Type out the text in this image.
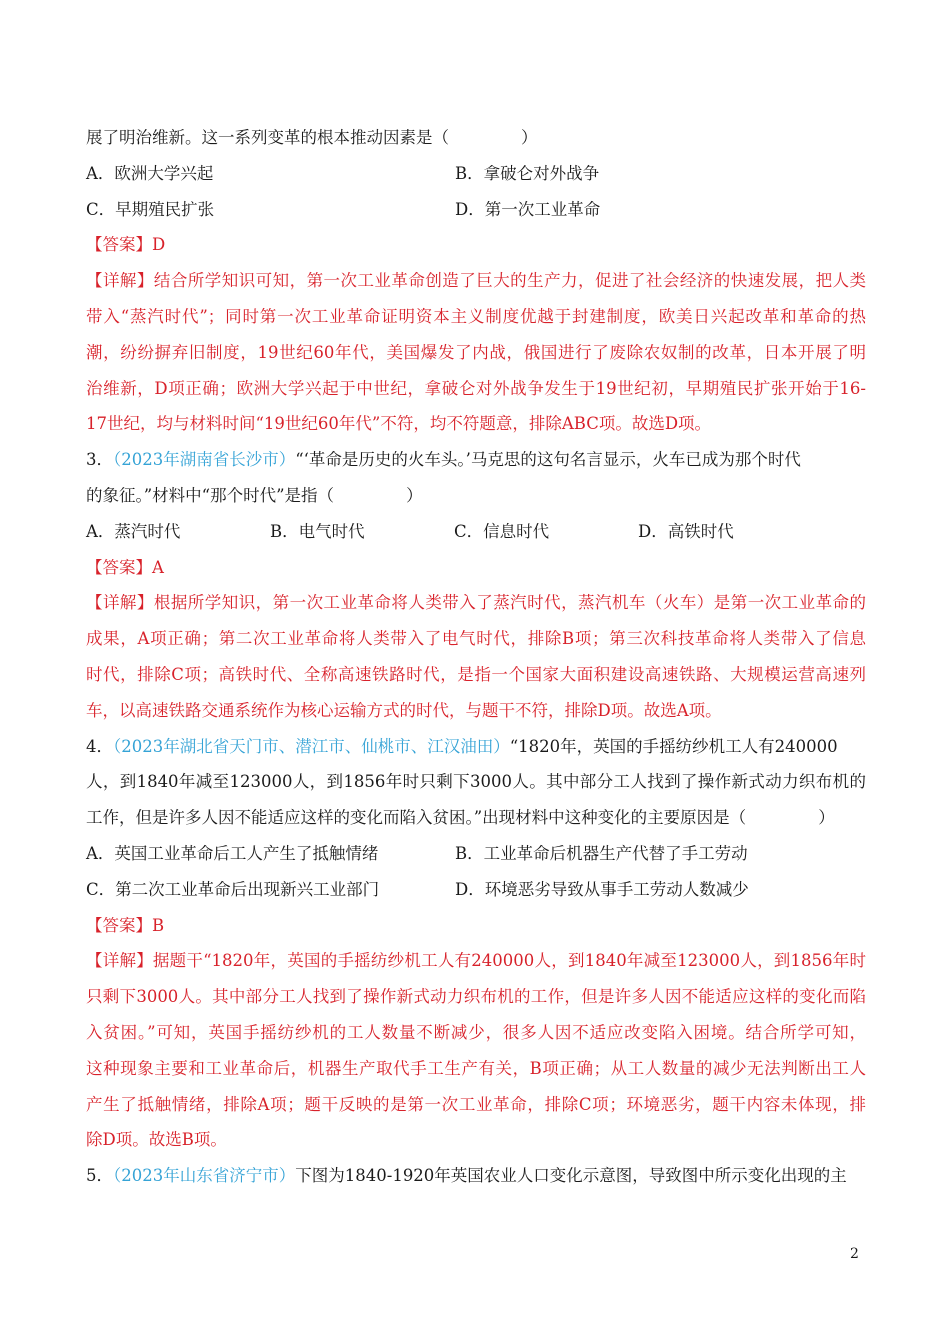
展了明治维新。这一系列变革的根本推动因素是（	）
A．欧洲大学兴起	B．拿破仑对外战争
C．早期殖民扩张	D．第一次工业革命
【答案】D
【详解】结合所学知识可知，第一次工业革命创造了巨大的生产力，促进了社会经济的快速发展，把人类
带入“蒸汽时代”；同时第一次工业革命证明资本主义制度优越于封建制度，欧美日兴起改革和革命的热
潮，纷纷摒弃旧制度，19世纪60年代，美国爆发了内战，俄国进行了废除农奴制的改革，日本开展了明
治维新，D项正确；欧洲大学兴起于中世纪，拿破仑对外战争发生于19世纪初，早期殖民扩张开始于16-
17世纪，均与材料时间“19世纪60年代”不符，均不符题意，排除ABC项。故选D项。
3．（2023年湖南省长沙市）“‘革命是历史的火车头。’马克思的这句名言显示，火车已成为那个时代
的象征。”材料中“那个时代”是指（	）
A．蒸汽时代	B．电气时代	C．信息时代	D．高铁时代
【答案】A
【详解】根据所学知识，第一次工业革命将人类带入了蒸汽时代，蒸汽机车（火车）是第一次工业革命的
成果，A项正确；第二次工业革命将人类带入了电气时代，排除B项；第三次科技革命将人类带入了信息
时代，排除C项；高铁时代、全称高速铁路时代，是指一个国家大面积建设高速铁路、大规模运营高速列
车，以高速铁路交通系统作为核心运输方式的时代，与题干不符，排除D项。故选A项。
4．（2023年湖北省天门市、潜江市、仙桃市、江汉油田）“1820年，英国的手摇纺纱机工人有240000
人，到1840年减至123000人，到1856年时只剩下3000人。其中部分工人找到了操作新式动力织布机的
工作，但是许多人因不能适应这样的变化而陷入贫困。”出现材料中这种变化的主要原因是（	）
A．英国工业革命后工人产生了抵触情绪	B．工业革命后机器生产代替了手工劳动
C．第二次工业革命后出现新兴工业部门	D．环境恶劣导致从事手工劳动人数减少
【答案】B
【详解】据题干“1820年，英国的手摇纺纱机工人有240000人，到1840年减至123000人，到1856年时
只剩下3000人。其中部分工人找到了操作新式动力织布机的工作，但是许多人因不能适应这样的变化而陷
入贫困。”可知，英国手摇纺纱机的工人数量不断减少，很多人因不适应改变陷入困境。结合所学可知，
这种现象主要和工业革命后，机器生产取代手工生产有关，B项正确；从工人数量的减少无法判断出工人
产生了抵触情绪，排除A项；题干反映的是第一次工业革命，排除C项；环境恶劣，题干内容未体现，排
除D项。故选B项。
5．（2023年山东省济宁市）下图为1840-1920年英国农业人口变化示意图，导致图中所示变化出现的主
2
